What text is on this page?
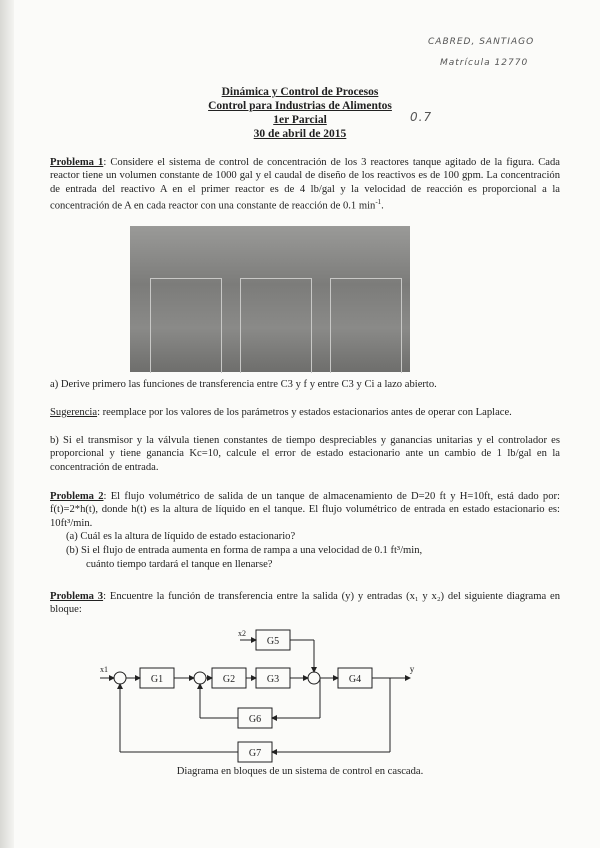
CABRED, SANTIAGO
Matrícula 12770
0.7
Dinámica y Control de Procesos
Control para Industrias de Alimentos
1er Parcial
30 de abril de 2015
Problema 1: Considere el sistema de control de concentración de los 3 reactores tanque agitado de la figura. Cada reactor tiene un volumen constante de 1000 gal y el caudal de diseño de los reactivos es de 100 gpm. La concentración de entrada del reactivo A en el primer reactor es de 4 lb/gal y la velocidad de reacción es proporcional a la concentración de A en cada reactor con una constante de reacción de 0.1 $\min^{-1}$.
a) Derive primero las funciones de transferencia entre C3 y f y entre C3 y Ci a lazo abierto.
Sugerencia: reemplace por los valores de los parámetros y estados estacionarios antes de operar con Laplace.
b) Si el transmisor y la válvula tienen constantes de tiempo despreciables y ganancias unitarias y el controlador es proporcional y tiene ganancia Kc=10, calcule el error de estado estacionario ante un cambio de 1 lb/gal en la concentración de entrada.
Problema 2: El flujo volumétrico de salida de un tanque de almacenamiento de D=20 ft y H=10ft, está dado por: f(t)=2*h(t), donde h(t) es la altura de líquido en el tanque. El flujo volumétrico de entrada en estado estacionario es: 10ft³/min.
(a) Cuál es la altura de líquido de estado estacionario?
(b) Si el flujo de entrada aumenta en forma de rampa a una velocidad de 0.1 ft³/min,
cuánto tiempo tardará el tanque en llenarse?
Problema 3: Encuentre la función de transferencia entre la salida (y) y entradas (x₁ y x₂) del siguiente diagrama en bloque:
G1	G2	G3	G4
G5
G6
G7
x1
x2
y
Diagrama en bloques de un sistema de control en cascada.
